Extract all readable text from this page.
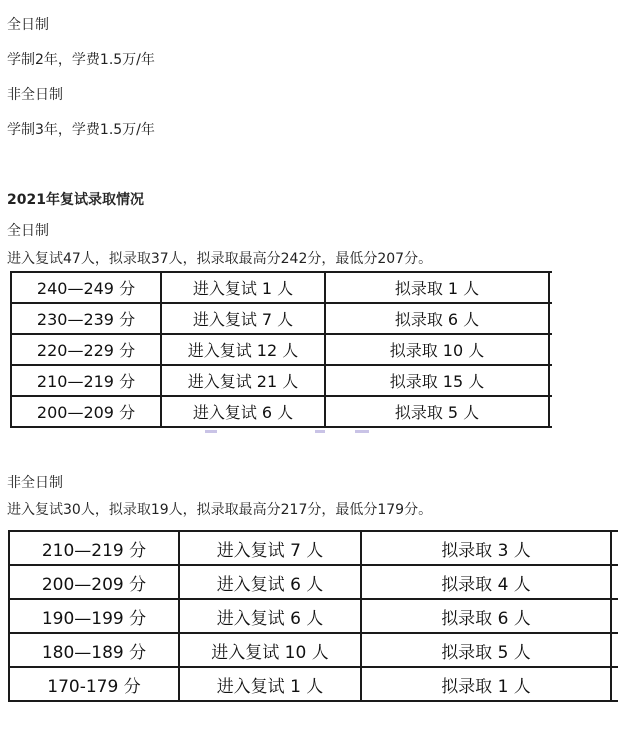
全日制
学制2年，学费1.5万/年
非全日制
学制3年，学费1.5万/年
2021年复试录取情况
全日制
进入复试47人，拟录取37人，拟录取最高分242分，最低分207分。
240—249 分	进入复试 1 人	拟录取 1 人	
230—239 分	进入复试 7 人	拟录取 6 人	
220—229 分	进入复试 12 人	拟录取 10 人	
210—219 分	进入复试 21 人	拟录取 15 人	
200—209 分	进入复试 6 人	拟录取 5 人	
非全日制
进入复试30人，拟录取19人，拟录取最高分217分，最低分179分。
210—219 分	进入复试 7 人	拟录取 3 人	
200—209 分	进入复试 6 人	拟录取 4 人	
190—199 分	进入复试 6 人	拟录取 6 人	
180—189 分	进入复试 10 人	拟录取 5 人	
170-179 分	进入复试 1 人	拟录取 1 人	
